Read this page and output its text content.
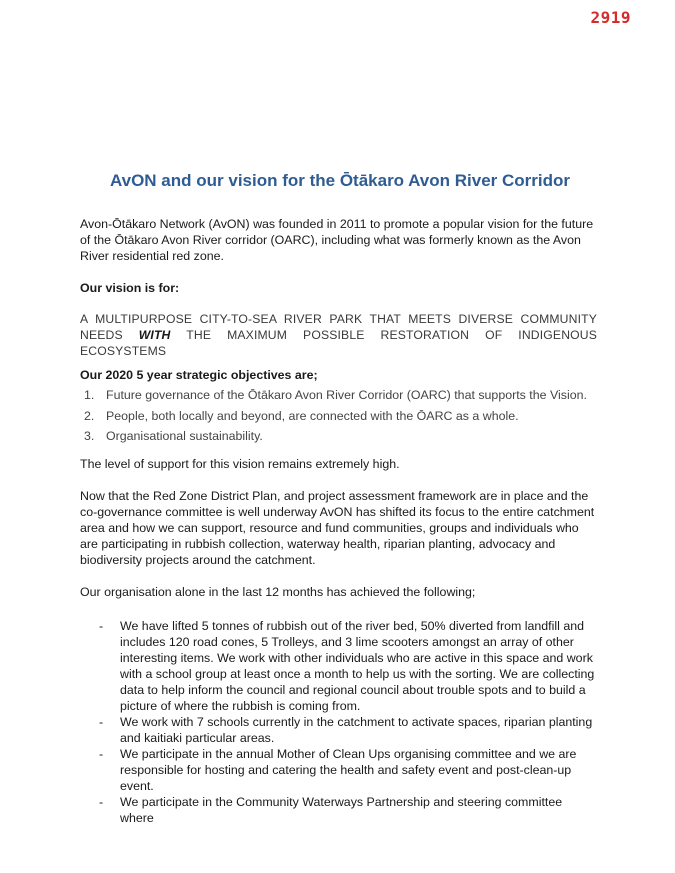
2919
AvON and our vision for the Ōtākaro Avon River Corridor

Avon-Ōtākaro Network (AvON) was founded in 2011 to promote a popular vision for the future of the Ōtākaro Avon River corridor (OARC), including what was formerly known as the Avon River residential red zone.

Our vision is for:

A MULTIPURPOSE CITY-TO-SEA RIVER PARK THAT MEETS DIVERSE COMMUNITY NEEDS WITH THE MAXIMUM POSSIBLE RESTORATION OF INDIGENOUS ECOSYSTEMS

Our 2020 5 year strategic objectives are;

1. Future governance of the Ōtākaro Avon River Corridor (OARC) that supports the Vision.
2. People, both locally and beyond, are connected with the ŌARC as a whole.
3. Organisational sustainability.

The level of support for this vision remains extremely high.

Now that the Red Zone District Plan, and project assessment framework are in place and the co-governance committee is well underway AvON has shifted its focus to the entire catchment area and how we can support, resource and fund communities, groups and individuals who are participating in rubbish collection, waterway health, riparian planting, advocacy and biodiversity projects around the catchment.

Our organisation alone in the last 12 months has achieved the following;

-	We have lifted 5 tonnes of rubbish out of the river bed, 50% diverted from landfill and includes 120 road cones, 5 Trolleys, and 3 lime scooters amongst an array of other interesting items. We work with other individuals who are active in this space and work with a school group at least once a month to help us with the sorting. We are collecting data to help inform the council and regional council about trouble spots and to build a picture of where the rubbish is coming from.
-	We work with 7 schools currently in the catchment to activate spaces, riparian planting and kaitiaki particular areas.
-	We participate in the annual Mother of Clean Ups organising committee and we are responsible for hosting and catering the health and safety event and post-clean-up event.
-	We participate in the Community Waterways Partnership and steering committee where
